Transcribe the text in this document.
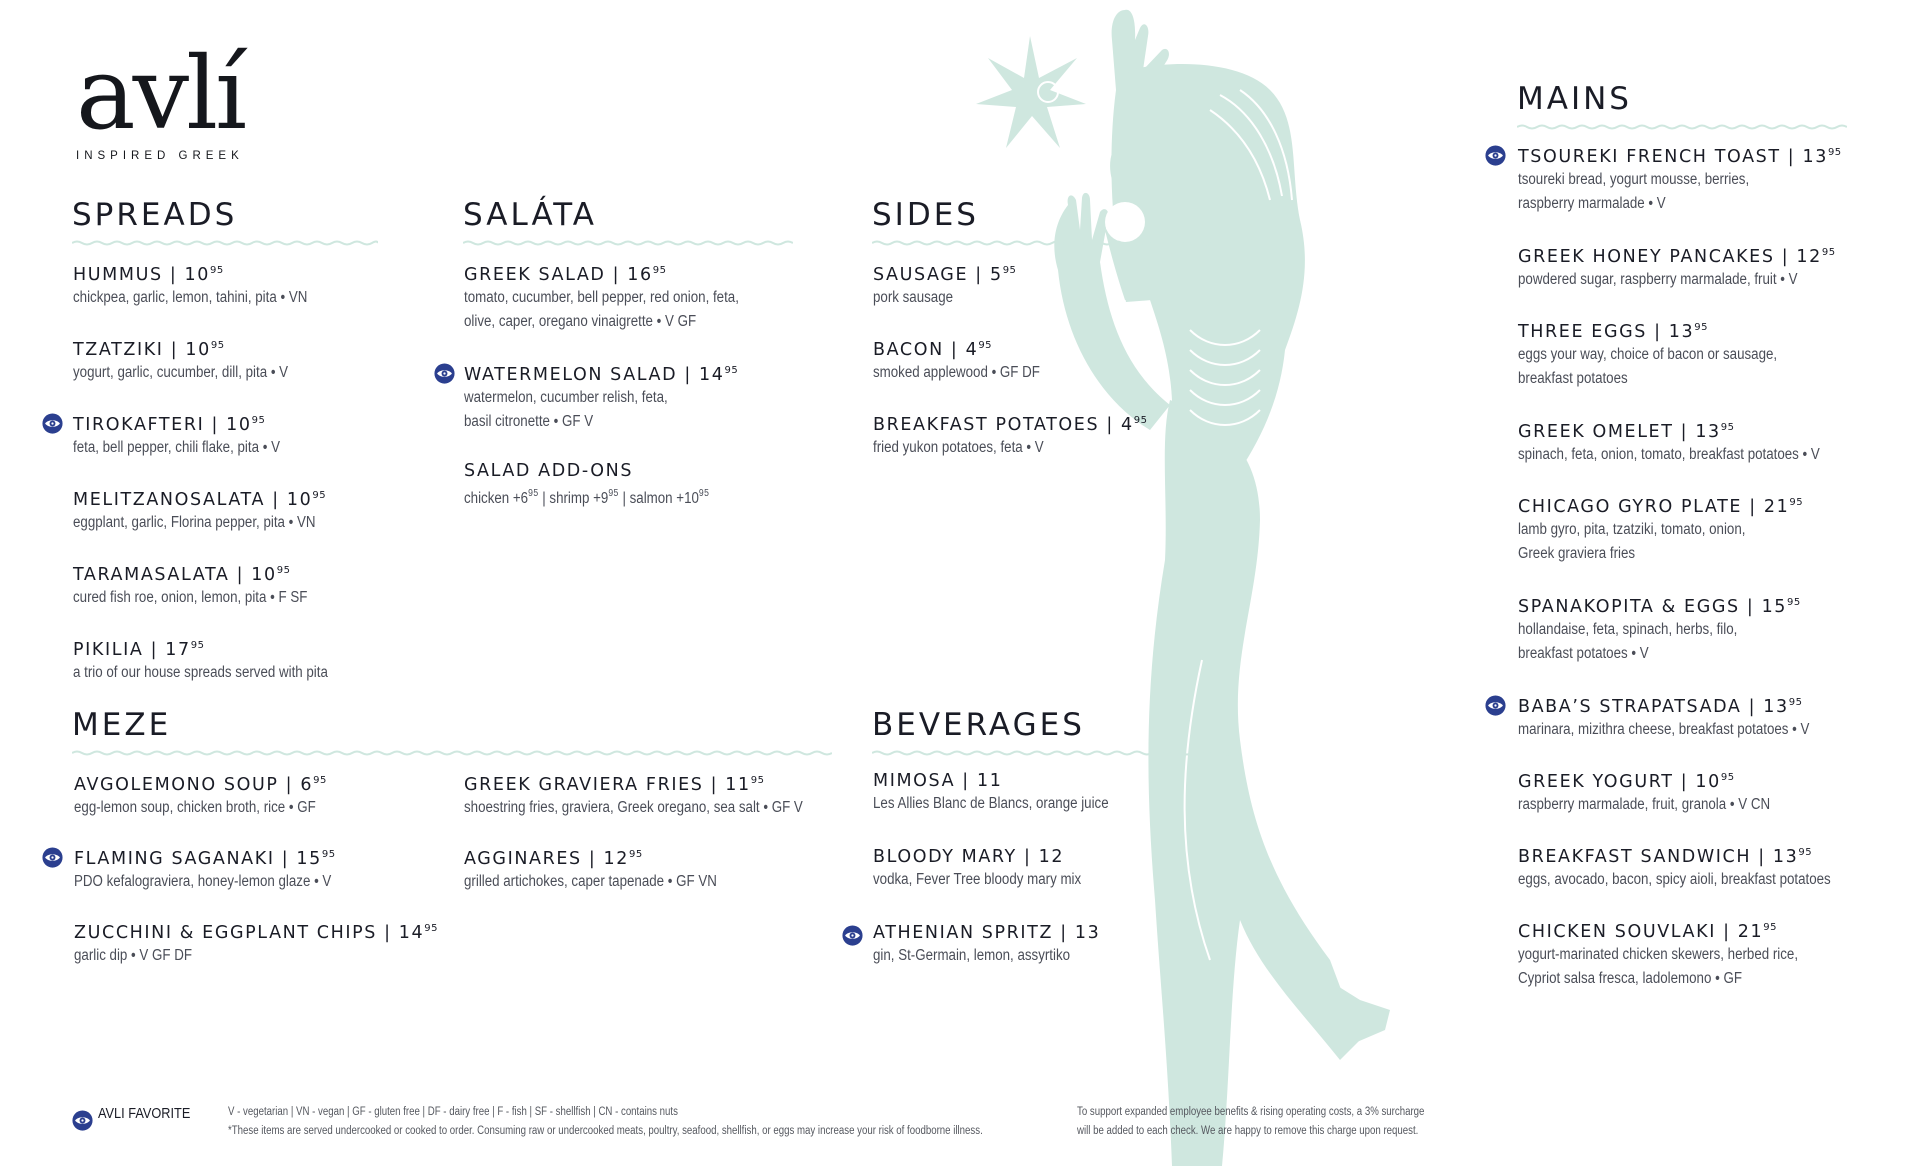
avlí
INSPIRED GREEK
SPREADS	SALÁTA	SIDES
MEZE	BEVERAGES
MAINS
HUMMUS | $10^{95}$
chickpea, garlic, lemon, tahini, pita • VN
TZATZIKI | $10^{95}$
yogurt, garlic, cucumber, dill, pita • V
TIROKAFTERI | $10^{95}$
feta, bell pepper, chili flake, pita • V
MELITZANOSALATA | $10^{95}$
eggplant, garlic, Florina pepper, pita • VN
TARAMASALATA | $10^{95}$
cured fish roe, onion, lemon, pita • F SF
PIKILIA | $17^{95}$
a trio of our house spreads served with pita
GREEK SALAD | $16^{95}$
tomato, cucumber, bell pepper, red onion, feta,
olive, caper, oregano vinaigrette • V GF
WATERMELON SALAD | $14^{95}$
watermelon, cucumber relish, feta,
basil citronette • GF V
SALAD ADD-ONS
chicken $+6^{95}$ | shrimp $+9^{95}$ | salmon $+10^{95}$
SAUSAGE | $5^{95}$
pork sausage
BACON | $4^{95}$
smoked applewood • GF DF
BREAKFAST POTATOES | $4^{95}$
fried yukon potatoes, feta • V
AVGOLEMONO SOUP | $6^{95}$
egg-lemon soup, chicken broth, rice • GF
FLAMING SAGANAKI | $15^{95}$
PDO kefalograviera, honey-lemon glaze • V
ZUCCHINI & EGGPLANT CHIPS | $14^{95}$
garlic dip • V GF DF
GREEK GRAVIERA FRIES | $11^{95}$
shoestring fries, graviera, Greek oregano, sea salt • GF V
AGGINARES | $12^{95}$
grilled artichokes, caper tapenade • GF VN
MIMOSA | 11
Les Allies Blanc de Blancs, orange juice
BLOODY MARY | 12
vodka, Fever Tree bloody mary mix
ATHENIAN SPRITZ | 13
gin, St-Germain, lemon, assyrtiko
TSOUREKI FRENCH TOAST | $13^{95}$
tsoureki bread, yogurt mousse, berries,
raspberry marmalade • V
GREEK HONEY PANCAKES | $12^{95}$
powdered sugar, raspberry marmalade, fruit • V
THREE EGGS | $13^{95}$
eggs your way, choice of bacon or sausage,
breakfast potatoes
GREEK OMELET | $13^{95}$
spinach, feta, onion, tomato, breakfast potatoes • V
CHICAGO GYRO PLATE | $21^{95}$
lamb gyro, pita, tzatziki, tomato, onion,
Greek graviera fries
SPANAKOPITA & EGGS | $15^{95}$
hollandaise, feta, spinach, herbs, filo,
breakfast potatoes • V
BABA’S STRAPATSADA | $13^{95}$
marinara, mizithra cheese, breakfast potatoes • V
GREEK YOGURT | $10^{95}$
raspberry marmalade, fruit, granola • V CN
BREAKFAST SANDWICH | $13^{95}$
eggs, avocado, bacon, spicy aioli, breakfast potatoes
CHICKEN SOUVLAKI | $21^{95}$
yogurt-marinated chicken skewers, herbed rice,
Cypriot salsa fresca, ladolemono • GF
AVLI FAVORITE	V - vegetarian | VN - vegan | GF - gluten free | DF - dairy free | F - fish | SF - shellfish | CN - contains nuts
*These items are served undercooked or cooked to order. Consuming raw or undercooked meats, poultry, seafood, shellfish, or eggs may increase your risk of foodborne illness.
To support expanded employee benefits & rising operating costs, a 3% surcharge
will be added to each check. We are happy to remove this charge upon request.
